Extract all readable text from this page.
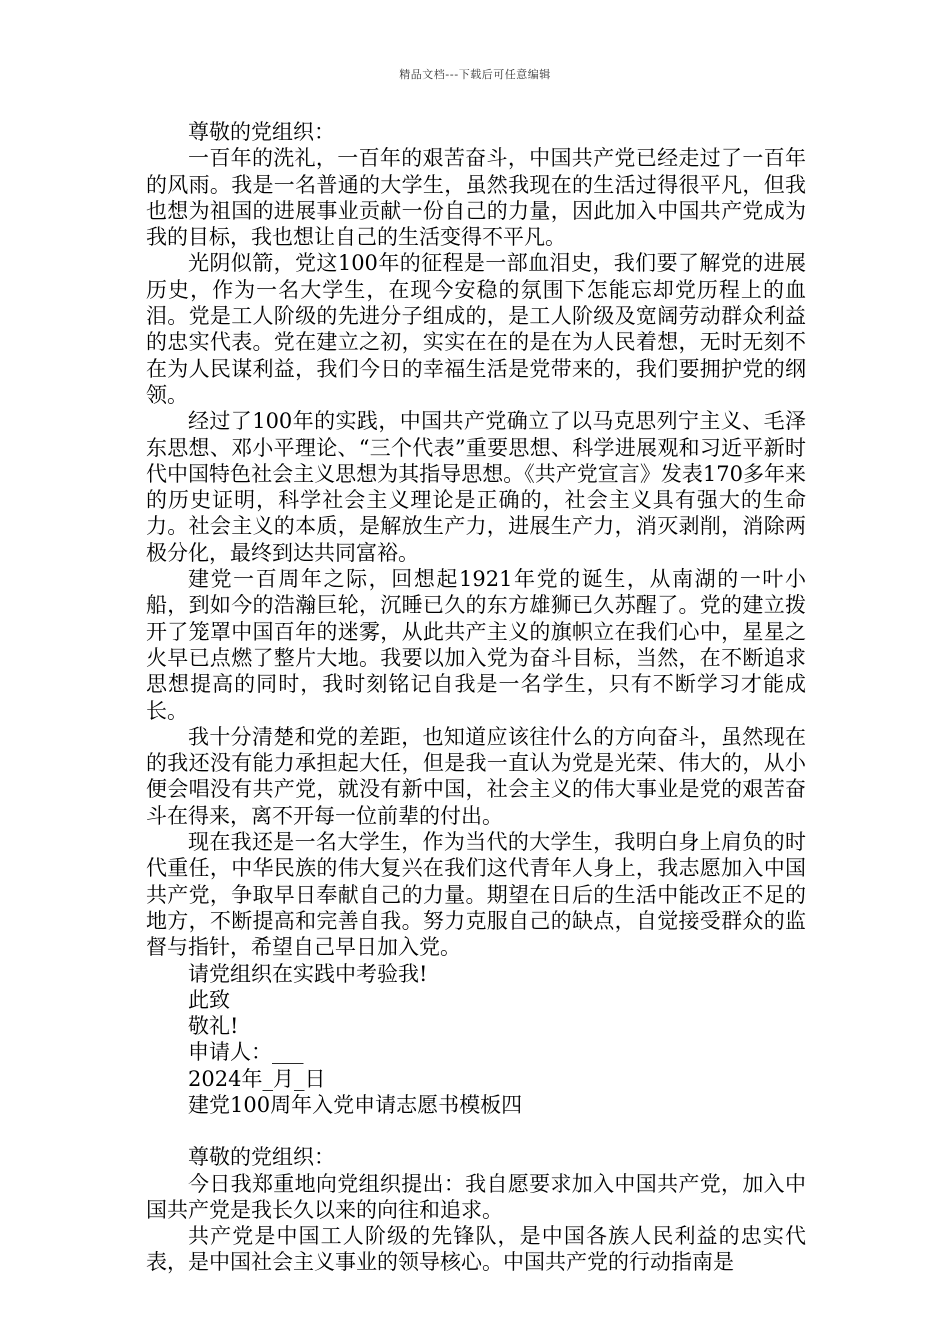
精品文档---下载后可任意编辑

尊敬的党组织：

一百年的洗礼，一百年的艰苦奋斗，中国共产党已经走过了一百年的风雨。我是一名普通的大学生，虽然我现在的生活过得很平凡，但我也想为祖国的进展事业贡献一份自己的力量，因此加入中国共产党成为我的目标，我也想让自己的生活变得不平凡。

光阴似箭，党这100年的征程是一部血泪史，我们要了解党的进展历史，作为一名大学生，在现今安稳的氛围下怎能忘却党历程上的血泪。党是工人阶级的先进分子组成的，是工人阶级及宽阔劳动群众利益的忠实代表。党在建立之初，实实在在的是在为人民着想，无时无刻不在为人民谋利益，我们今日的幸福生活是党带来的，我们要拥护党的纲领。

经过了100年的实践，中国共产党确立了以马克思列宁主义、毛泽东思想、邓小平理论、“三个代表”重要思想、科学进展观和习近平新时代中国特色社会主义思想为其指导思想。《共产党宣言》发表170多年来的历史证明，科学社会主义理论是正确的，社会主义具有强大的生命力。社会主义的本质，是解放生产力，进展生产力，消灭剥削，消除两极分化，最终到达共同富裕。

建党一百周年之际，回想起1921年党的诞生，从南湖的一叶小船，到如今的浩瀚巨轮，沉睡已久的东方雄狮已久苏醒了。党的建立拨开了笼罩中国百年的迷雾，从此共产主义的旗帜立在我们心中，星星之火早已点燃了整片大地。我要以加入党为奋斗目标，当然，在不断追求思想提高的同时，我时刻铭记自我是一名学生，只有不断学习才能成长。

我十分清楚和党的差距，也知道应该往什么的方向奋斗，虽然现在的我还没有能力承担起大任，但是我一直认为党是光荣、伟大的，从小便会唱没有共产党，就没有新中国，社会主义的伟大事业是党的艰苦奋斗在得来，离不开每一位前辈的付出。

现在我还是一名大学生，作为当代的大学生，我明白身上肩负的时代重任，中华民族的伟大复兴在我们这代青年人身上，我志愿加入中国共产党，争取早日奉献自己的力量。期望在日后的生活中能改正不足的地方，不断提高和完善自我。努力克服自己的缺点，自觉接受群众的监督与指针，希望自己早日加入党。

请党组织在实践中考验我!

此致

敬礼!

申请人：___

2024年_月_日

建党100周年入党申请志愿书模板四

尊敬的党组织：

今日我郑重地向党组织提出：我自愿要求加入中国共产党，加入中国共产党是我长久以来的向往和追求。

共产党是中国工人阶级的先锋队，是中国各族人民利益的忠实代表，是中国社会主义事业的领导核心。中国共产党的行动指南是
